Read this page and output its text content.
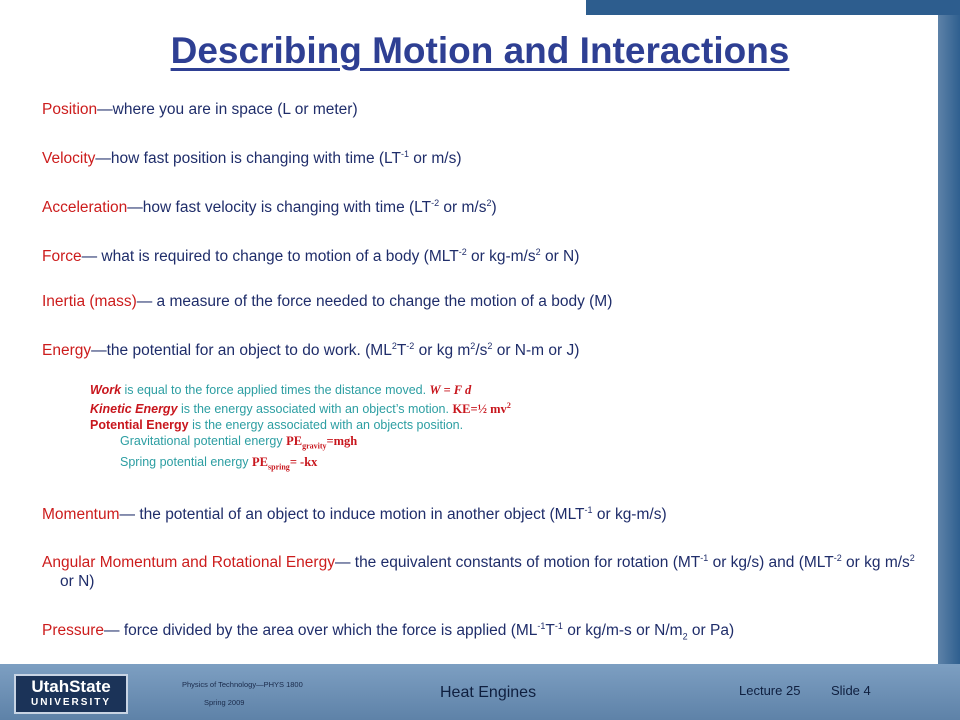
Describing Motion and Interactions

Position—where you are in space (L or meter)

Velocity—how fast position is changing with time ($LT^{-1}$ or m/s)

Acceleration—how fast velocity is changing with time ($LT^{-2}$ or $m/s^2$)

Force— what is required to change to motion of a body ($MLT^{-2}$ or $kg-m/s^2$ or N)

Inertia (mass)— a measure of the force needed to change the motion of a body (M)

Energy—the potential for an object to do work. ($ML^2T^{-2}$ or kg $m^2/s^2$ or N-m or J)

Work is equal to the force applied times the distance moved. W = F d

Kinetic Energy is the energy associated with an object’s motion. KE=½ $mv^2$

Potential Energy is the energy associated with an objects position.

Gravitational potential energy $PE_{gravity}=mgh$

Spring potential energy $PE_{spring}= -kx$

Momentum— the potential of an object to induce motion in another object ($MLT^{-1}$ or kg-m/s)

Angular Momentum and Rotational Energy— the equivalent constants of motion for rotation ($MT^{-1}$ or kg/s) and ($MLT^{-2}$ or kg $m/s^2$ or N)

Pressure— force divided by the area over which the force is applied ($ML^{-1}T^{-1}$ or kg/m-s or $N/m_2$ or Pa)

UtahState
UNIVERSITY
Physics of Technology—PHYS 1800
Spring 2009
Heat Engines	Lecture 25 Slide 4
